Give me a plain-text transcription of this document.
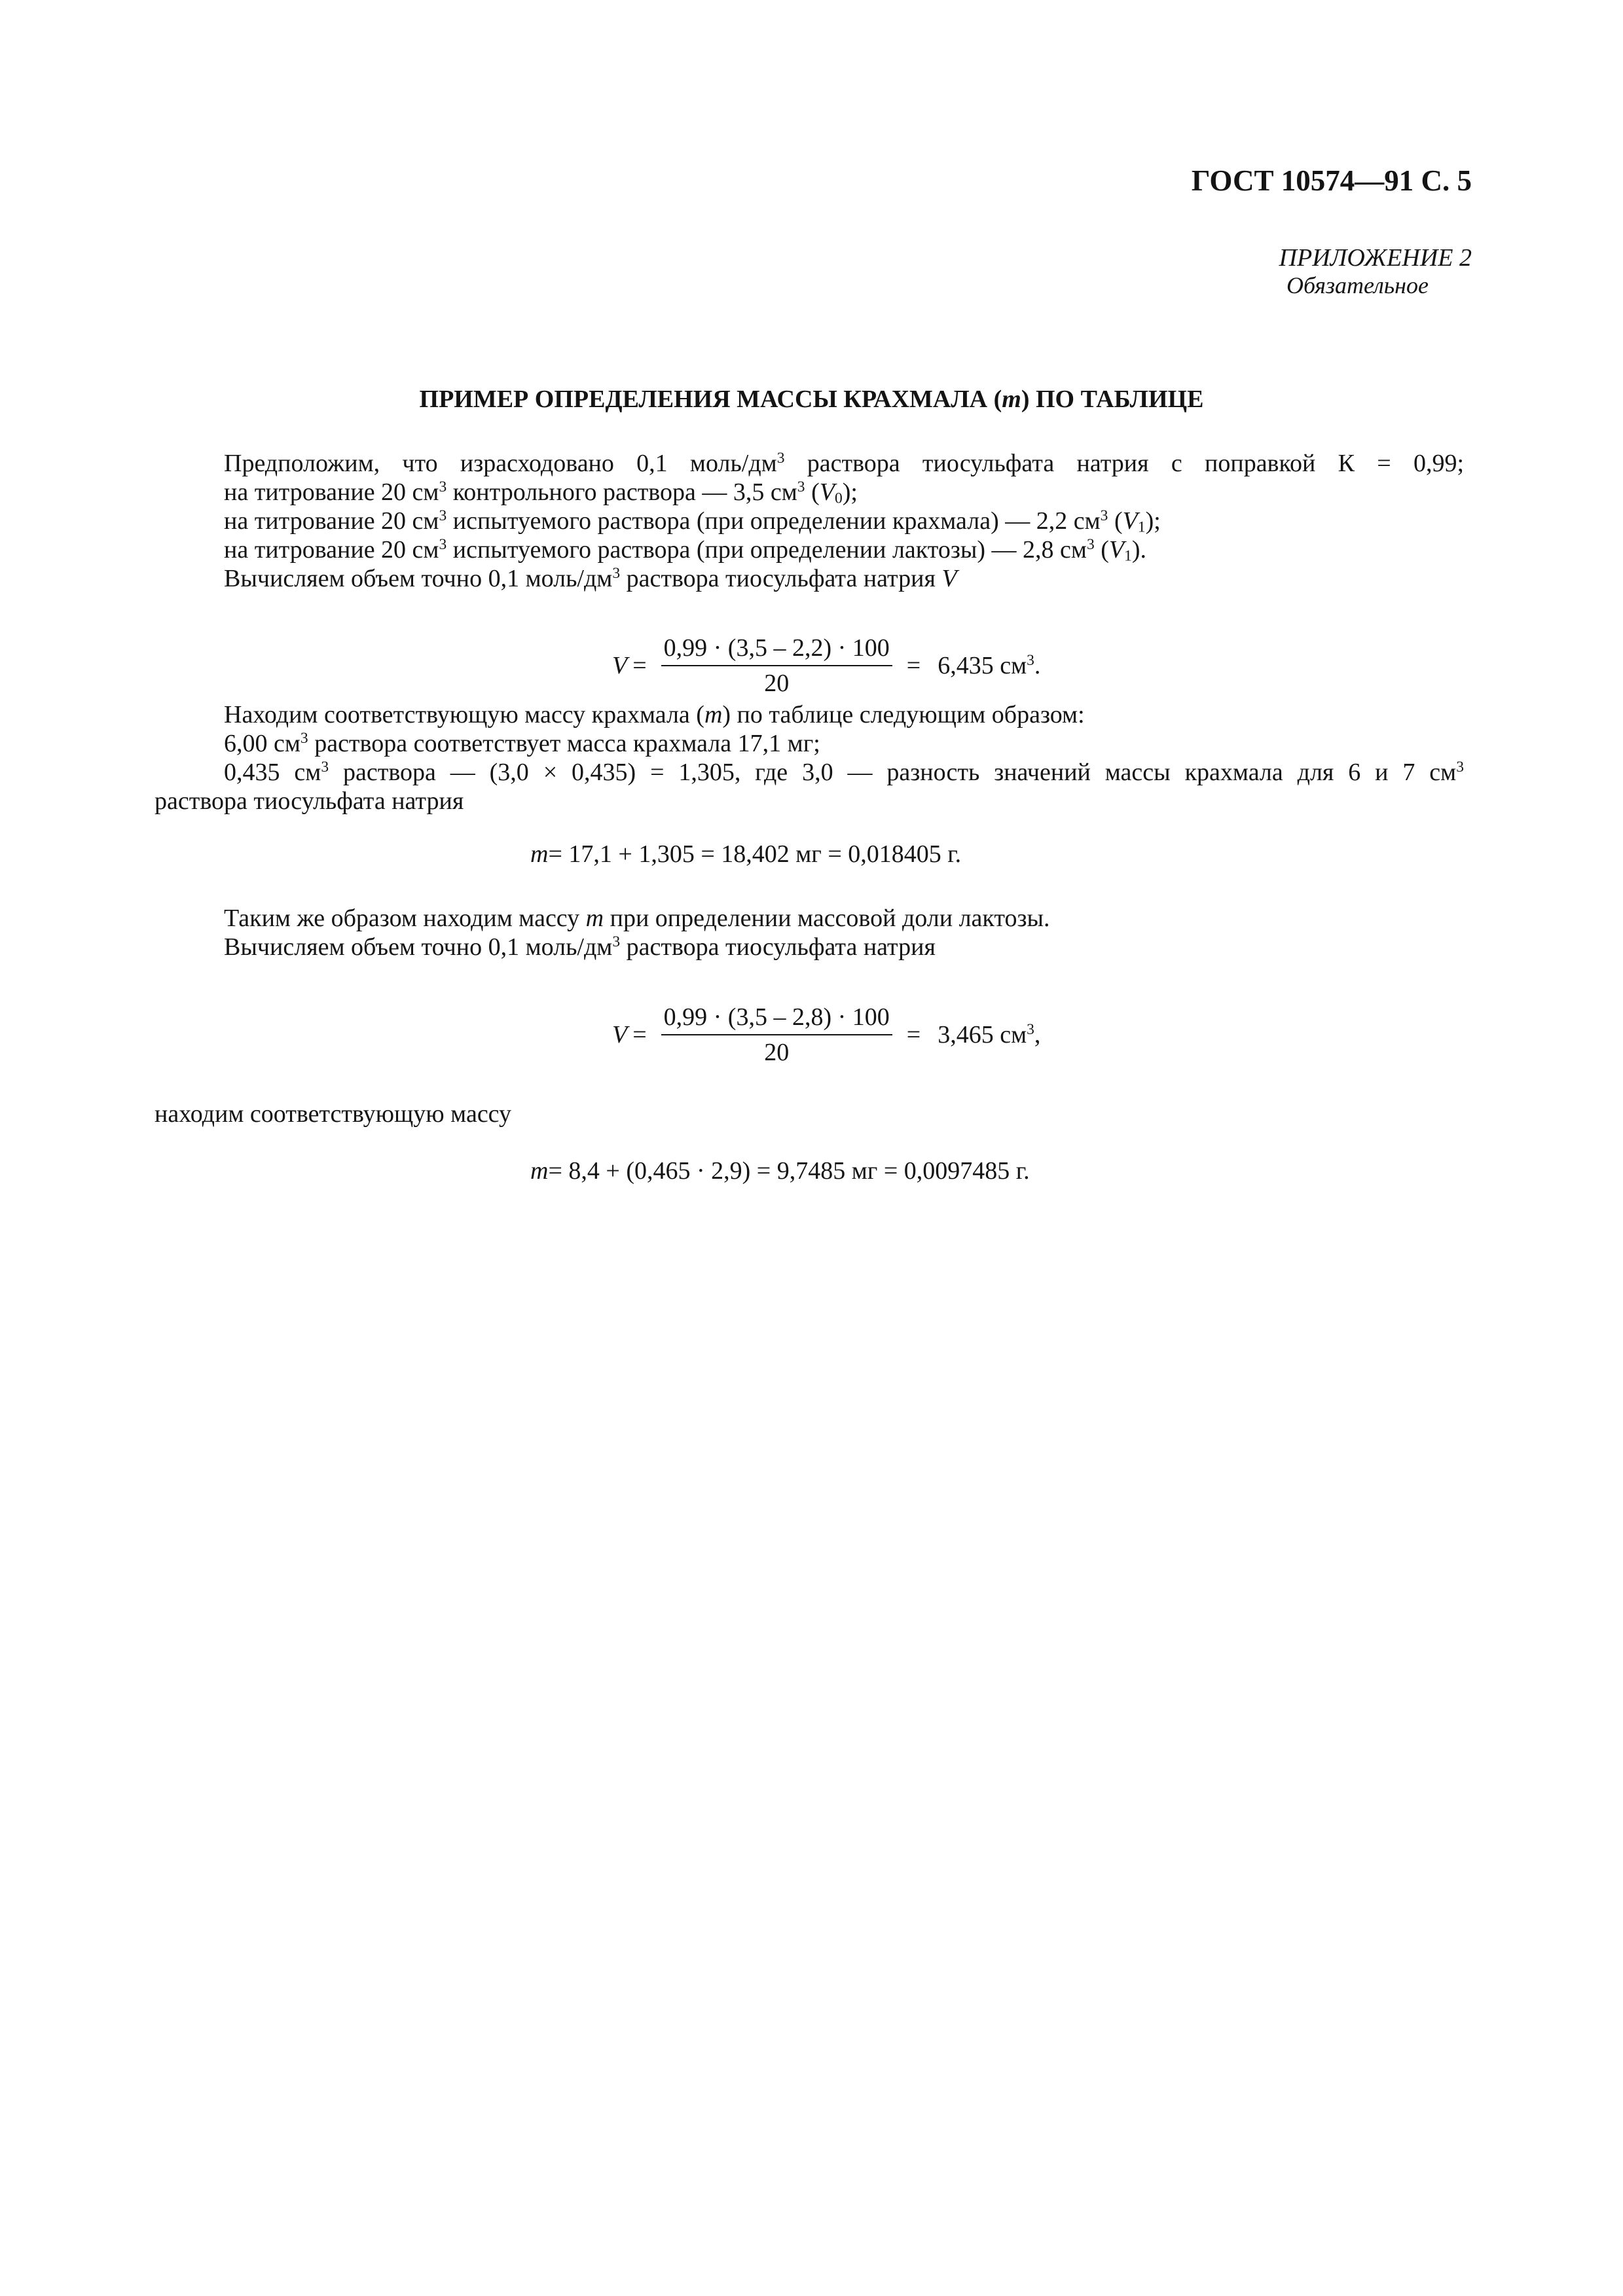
ГОСТ 10574—91 С. 5
ПРИЛОЖЕНИЕ 2
Обязательное
ПРИМЕР ОПРЕДЕЛЕНИЯ МАССЫ КРАХМАЛА (m) ПО ТАБЛИЦЕ
Предположим, что израсходовано 0,1 моль/$дм^3$ раствора тиосульфата натрия с поправкой К = 0,99;
на титрование 20 $см^3$ контрольного раствора — 3,5 $см^3$ $(V_0)$;
на титрование 20 $см^3$ испытуемого раствора (при определении крахмала) — 2,2 $см^3$ $(V_1)$;
на титрование 20 $см^3$ испытуемого раствора (при определении лактозы) — 2,8 $см^3$ $(V_1)$.
Вычисляем объем точно 0,1 моль/$дм^3$ раствора тиосульфата натрия V
$V = \frac{0,99 \cdot (3,5 - 2,2) \cdot 100}{20} = 6,435$ $см^3$.
Находим соответствующую массу крахмала (m) по таблице следующим образом:
6,00 $см^3$ раствора соответствует масса крахмала 17,1 мг;
0,435 $см^3$ раствора — (3,0 × 0,435) = 1,305, где 3,0 — разность значений массы крахмала для 6 и 7 $см^3$
раствора тиосульфата натрия
m = 17,1 + 1,305 = 18,402 мг = 0,018405 г.
Таким же образом находим массу m при определении массовой доли лактозы.
Вычисляем объем точно 0,1 моль/$дм^3$ раствора тиосульфата натрия
$V = \frac{0,99 \cdot (3,5 - 2,8) \cdot 100}{20} = 3,465$ $см^3$,
находим соответствующую массу
m = 8,4 + (0,465 · 2,9) = 9,7485 мг = 0,0097485 г.
